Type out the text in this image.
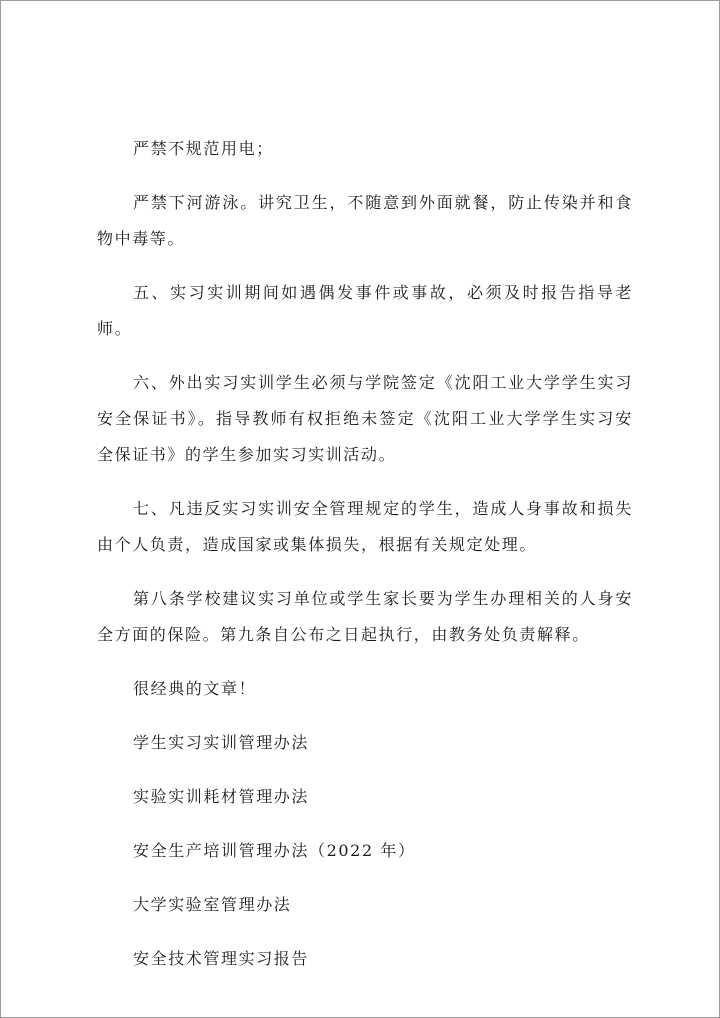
严禁不规范用电；

严禁下河游泳。讲究卫生，不随意到外面就餐，防止传染并和食物中毒等。

五、实习实训期间如遇偶发事件或事故，必须及时报告指导老师。

六、外出实习实训学生必须与学院签定《沈阳工业大学学生实习安全保证书》。指导教师有权拒绝未签定《沈阳工业大学学生实习安全保证书》的学生参加实习实训活动。

七、凡违反实习实训安全管理规定的学生，造成人身事故和损失由个人负责，造成国家或集体损失，根据有关规定处理。

第八条学校建议实习单位或学生家长要为学生办理相关的人身安全方面的保险。第九条自公布之日起执行，由教务处负责解释。

很经典的文章！

学生实习实训管理办法

实验实训耗材管理办法

安全生产培训管理办法（2022 年）

大学实验室管理办法

安全技术管理实习报告
